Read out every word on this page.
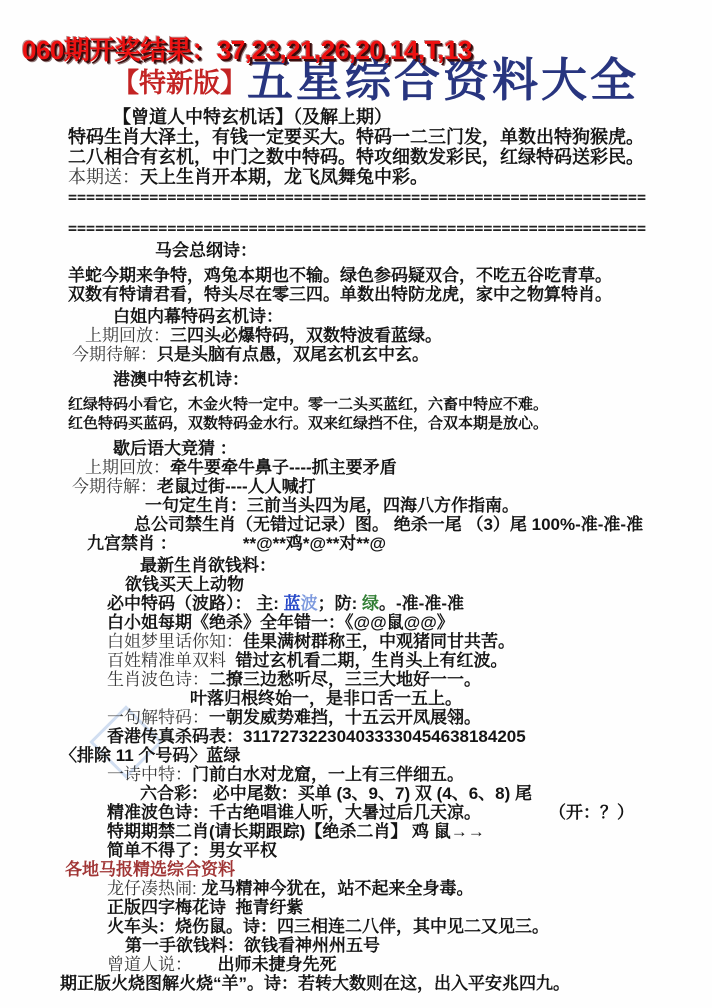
060期开奖结果：37,23,21,26,20,14,T,13
【特新版】 五星综合资料大全
【曾道人中特玄机话】（及解上期）
特码生肖大泽土，有钱一定要买大。特码一二三门发，单数出特狗猴虎。
二八相合有玄机，中门之数中特码。特攻细数发彩民，红绿特码送彩民。
本期送：天上生肖开本期，龙飞凤舞兔中彩。
================================================================
================================================================
马会总纲诗：
羊蛇今期来争特，鸡兔本期也不输。绿色参码疑双合，不吃五谷吃青草。
双数有特请君看，特头尽在零三四。单数出特防龙虎，家中之物算特肖。
白姐内幕特码玄机诗：
上期回放：三四头必爆特码，双数特波看蓝绿。
今期待解：只是头脑有点愚，双尾玄机玄中玄。
港澳中特玄机诗：
红绿特码小看它，木金火特一定中。零一二头买蓝红，六畜中特应不难。
红色特码买蓝码，双数特码金水行。双来红绿挡不住，合双本期是放心。
歇后语大竞猜 ：
上期回放：牵牛要牵牛鼻子----抓主要矛盾
今期待解：老鼠过街----人人喊打
一句定生肖：三前当头四为尾，四海八方作指南。
总公司禁生肖（无错过记录）图。 绝杀一尾 （3）尾 100%-准-准-准
九宫禁肖 ：              **@**鸡*@**对**@
最新生肖欲钱料：
欲钱买天上动物
必中特码（波路）： 主: 蓝波；防: 绿。-准-准-准
白小姐每期《绝杀》全年错一：《@@鼠@@》
白姐梦里话你知：佳果满树群称王，中观猪同甘共苦。
百姓精准单双料  错过玄机看二期，生肖头上有红波。
生肖波色诗：二撩三边愁听尽，三三大地好一一。
叶落归根终始一，是非口舌一五上。
一句解特码：一朝发威势难挡，十五云开凤展翎。
香港传真杀码表：311727322304033330454638184205
〈排除 11 个号码〉蓝绿
一诗中特：门前白水对龙窟，一上有三伴细五。
六合彩： 必中尾数：买单 (3、9、7) 双 (4、6、8) 尾
精准波色诗：千古绝唱谁人听，大暑过后几天凉。　　　　　（开：？）
特期期禁二肖(请长期跟踪)【绝杀二肖】 鸡 鼠→→
简单不得了：男女平权
各地马报精选综合资料
龙仔凑热闹: 龙马精神今犹在，站不起来全身毒。
正版四字梅花诗  拖青纡紫
火车头：烧伤鼠。诗：四三相连二八伴，其中见二又见三。
第一手欲钱料：欲钱看神州州五号
曾道人说：　　出师未捷身先死
期正版火烧图解火烧“羊”。诗：若转大数则在这，出入平安兆四九。
